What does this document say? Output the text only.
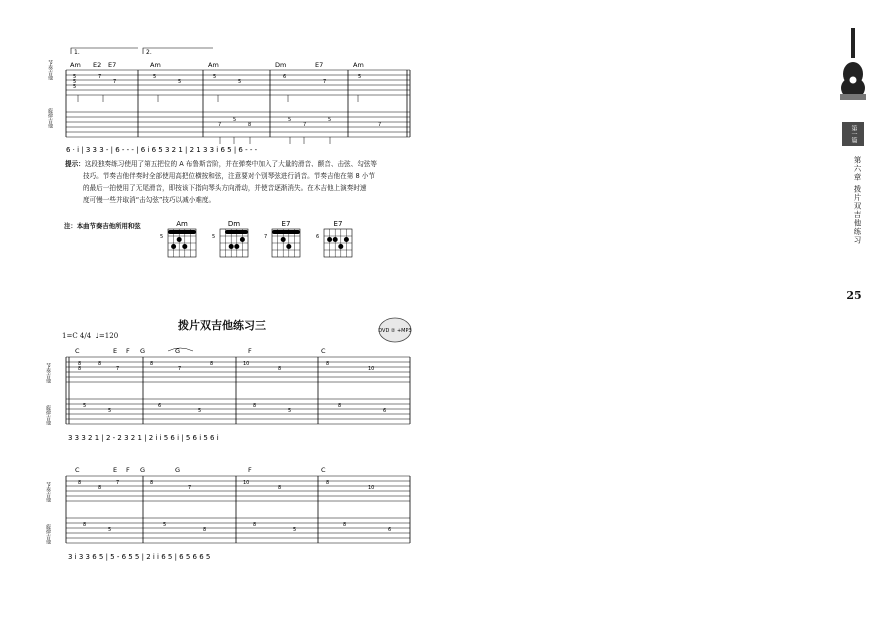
第一篇
第六章 拨片双吉他练习
25
1.	2.
Am E2 E7	Am	Am	Dm	E7	Am
节奏吉他
旋律吉他
5
5
5
7
7
5
5
5
5
6
7
5
7
5
8
5
7
5
7
6 · i | 3 3 3 - | 6 - - - | 6 i 6 5 3 2 1 | 2 1 3 3 i 6 5 | 6 - - -
提示：这段独奏练习使用了第五把位的 A 布鲁斯音阶，并在弹奏中加入了大量的滑音、颤音、击弦、勾弦等
技巧。节奏吉他伴奏时全部使用高把位横按和弦，注意要对个别琴弦进行消音。节奏吉他在第 8 小节
的最后一拍使用了无尾滑音，即按该下指向琴头方向滑动，并使音逐渐消失。在木吉他上演奏时速
度可慢一些并取消“击勾弦”技巧以减小难度。
注：本曲节奏吉他所用和弦	Am
5
Dm
5
E7
7
E7
6
拨片双吉他练习三
1=C 4/4 ♩=120
DVD ② +MP3
C	E F G	G	F	C
节奏吉他
旋律吉他
8
8
8
7
8
7
8	10
8
8
10
5
5
6
5
8
5
8
6
3 3 3 2 1 | 2 - 2 3 2 1 | 2 i i 5 6 i | 5 6 i 5 6 i
C	E F G	G	F	C
节奏吉他
旋律吉他
8
8
7	8
7
10
8
8
10
8
5
5
8
8
5
8
6
3 i 3 3 6 5 | 5 - 6 5 5 | 2 i i 6 5 | 6 5 6 6 5
